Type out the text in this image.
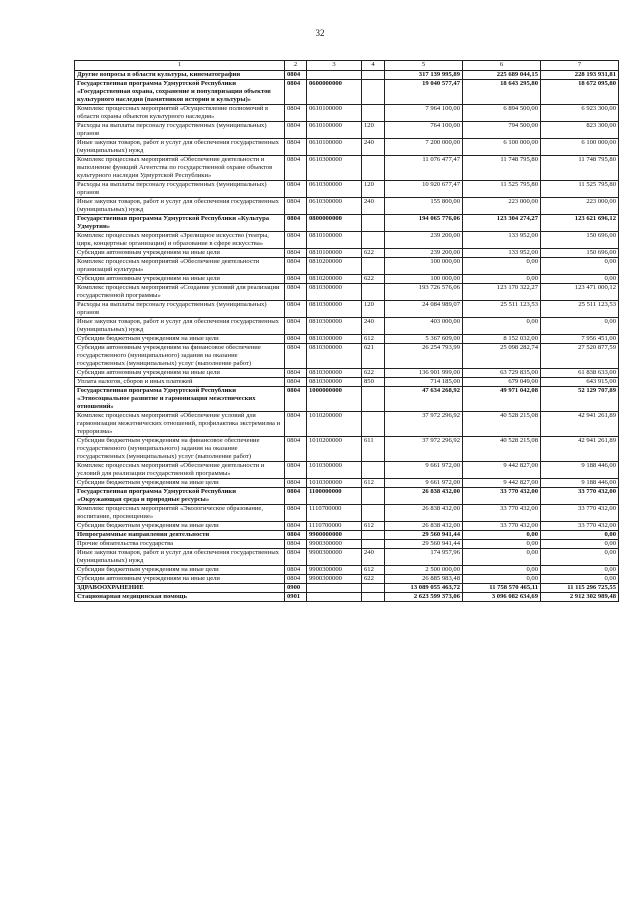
32
1	2	3	4	5	6	7
Другие вопросы в области культуры, кинематографии	0804			317 139 995,89	225 689 044,15	228 193 931,81
Государственная программа Удмуртской Республики «Государственная охрана, сохранение и популяризация объектов культурного наследия (памятников истории и культуры)»	0804	0600000000		19 040 577,47	18 643 295,80	18 672 095,80
Комплекс процессных мероприятий «Осуществление полномочий в области охраны объектов культурного наследия»	0804	0610100000		7 964 100,00	6 894 500,00	6 923 300,00
Расходы на выплаты персоналу государственных (муниципальных) органов	0804	0610100000	120	764 100,00	794 500,00	823 300,00
Иные закупки товаров, работ и услуг для обеспечения государственных (муниципальных) нужд	0804	0610100000	240	7 200 000,00	6 100 000,00	6 100 000,00
Комплекс процессных мероприятий «Обеспечение деятельности и выполнение функций Агентства по государственной охране объектов культурного наследия Удмуртской Республики»	0804	0610300000		11 076 477,47	11 748 795,80	11 748 795,80
Расходы на выплаты персоналу государственных (муниципальных) органов	0804	0610300000	120	10 920 677,47	11 525 795,80	11 525 795,80
Иные закупки товаров, работ и услуг для обеспечения государственных (муниципальных) нужд	0804	0610300000	240	155 800,00	223 000,00	223 000,00
Государственная программа Удмуртской Республики «Культура Удмуртии»	0804	0800000000		194 065 776,06	123 304 274,27	123 621 696,12
Комплекс процессных мероприятий «Зрелищное искусство (театры, цирк, концертные организации) и образование в сфере искусства»	0804	0810100000		239 200,00	133 952,00	150 696,00
Субсидии автономным учреждениям на иные цели	0804	0810100000	622	239 200,00	133 952,00	150 696,00
Комплекс процессных мероприятий «Обеспечение деятельности организаций культуры»	0804	0810200000		100 000,00	0,00	0,00
Субсидии автономным учреждениям на иные цели	0804	0810200000	622	100 000,00	0,00	0,00
Комплекс процессных мероприятий «Создание условий для реализации государственной программы»	0804	0810300000		193 726 576,06	123 170 322,27	123 471 000,12
Расходы на выплаты персоналу государственных (муниципальных) органов	0804	0810300000	120	24 084 989,07	25 511 123,53	25 511 123,53
Иные закупки товаров, работ и услуг для обеспечения государственных (муниципальных) нужд	0804	0810300000	240	403 000,00	0,00	0,00
Субсидии бюджетным учреждениям на иные цели	0804	0810300000	612	5 367 609,00	8 152 032,00	7 956 451,00
Субсидии автономным учреждениям на финансовое обеспечение государственного (муниципального) задания на оказание государственных (муниципальных) услуг (выполнение работ)	0804	0810300000	621	26 254 793,99	25 098 282,74	27 520 877,59
Субсидии автономным учреждениям на иные цели	0804	0810300000	622	136 901 999,00	63 729 835,00	61 838 633,00
Уплата налогов, сборов и иных платежей	0804	0810300000	850	714 185,00	679 049,00	643 915,00
Государственная программа Удмуртской Республики «Этносоциальное развитие и гармонизация межэтнических отношений»	0804	1000000000		47 634 268,92	49 971 042,08	52 129 707,89
Комплекс процессных мероприятий «Обеспечение условий для гармонизации межэтнических отношений, профилактика экстремизма и терроризма»	0804	1010200000		37 972 296,92	40 528 215,08	42 941 261,89
Субсидии бюджетным учреждениям на финансовое обеспечение государственного (муниципального) задания на оказание государственных (муниципальных) услуг (выполнение работ)	0804	1010200000	611	37 972 296,92	40 528 215,08	42 941 261,89
Комплекс процессных мероприятий «Обеспечение деятельности и условий для реализации государственной программы»	0804	1010300000		9 661 972,00	9 442 827,00	9 188 446,00
Субсидии бюджетным учреждениям на иные цели	0804	1010300000	612	9 661 972,00	9 442 827,00	9 188 446,00
Государственная программа Удмуртской Республики «Окружающая среда и природные ресурсы»	0804	1100000000		26 838 432,00	33 770 432,00	33 770 432,00
Комплекс процессных мероприятий «Экологическое образование, воспитание, просвещение»	0804	1110700000		26 838 432,00	33 770 432,00	33 770 432,00
Субсидии бюджетным учреждениям на иные цели	0804	1110700000	612	26 838 432,00	33 770 432,00	33 770 432,00
Непрограммные направления деятельности	0804	9900000000		29 560 941,44	0,00	0,00
Прочие обязательства государства	0804	9900300000		29 560 941,44	0,00	0,00
Иные закупки товаров, работ и услуг для обеспечения государственных (муниципальных) нужд	0804	9900300000	240	174 957,96	0,00	0,00
Субсидии бюджетным учреждениям на иные цели	0804	9900300000	612	2 500 000,00	0,00	0,00
Субсидии автономным учреждениям на иные цели	0804	9900300000	622	26 885 983,48	0,00	0,00
ЗДРАВООХРАНЕНИЕ	0900			13 089 055 463,72	11 758 570 465,11	11 115 296 725,55
Стационарная медицинская помощь	0901			2 623 599 373,06	3 096 082 634,69	2 912 302 989,48
